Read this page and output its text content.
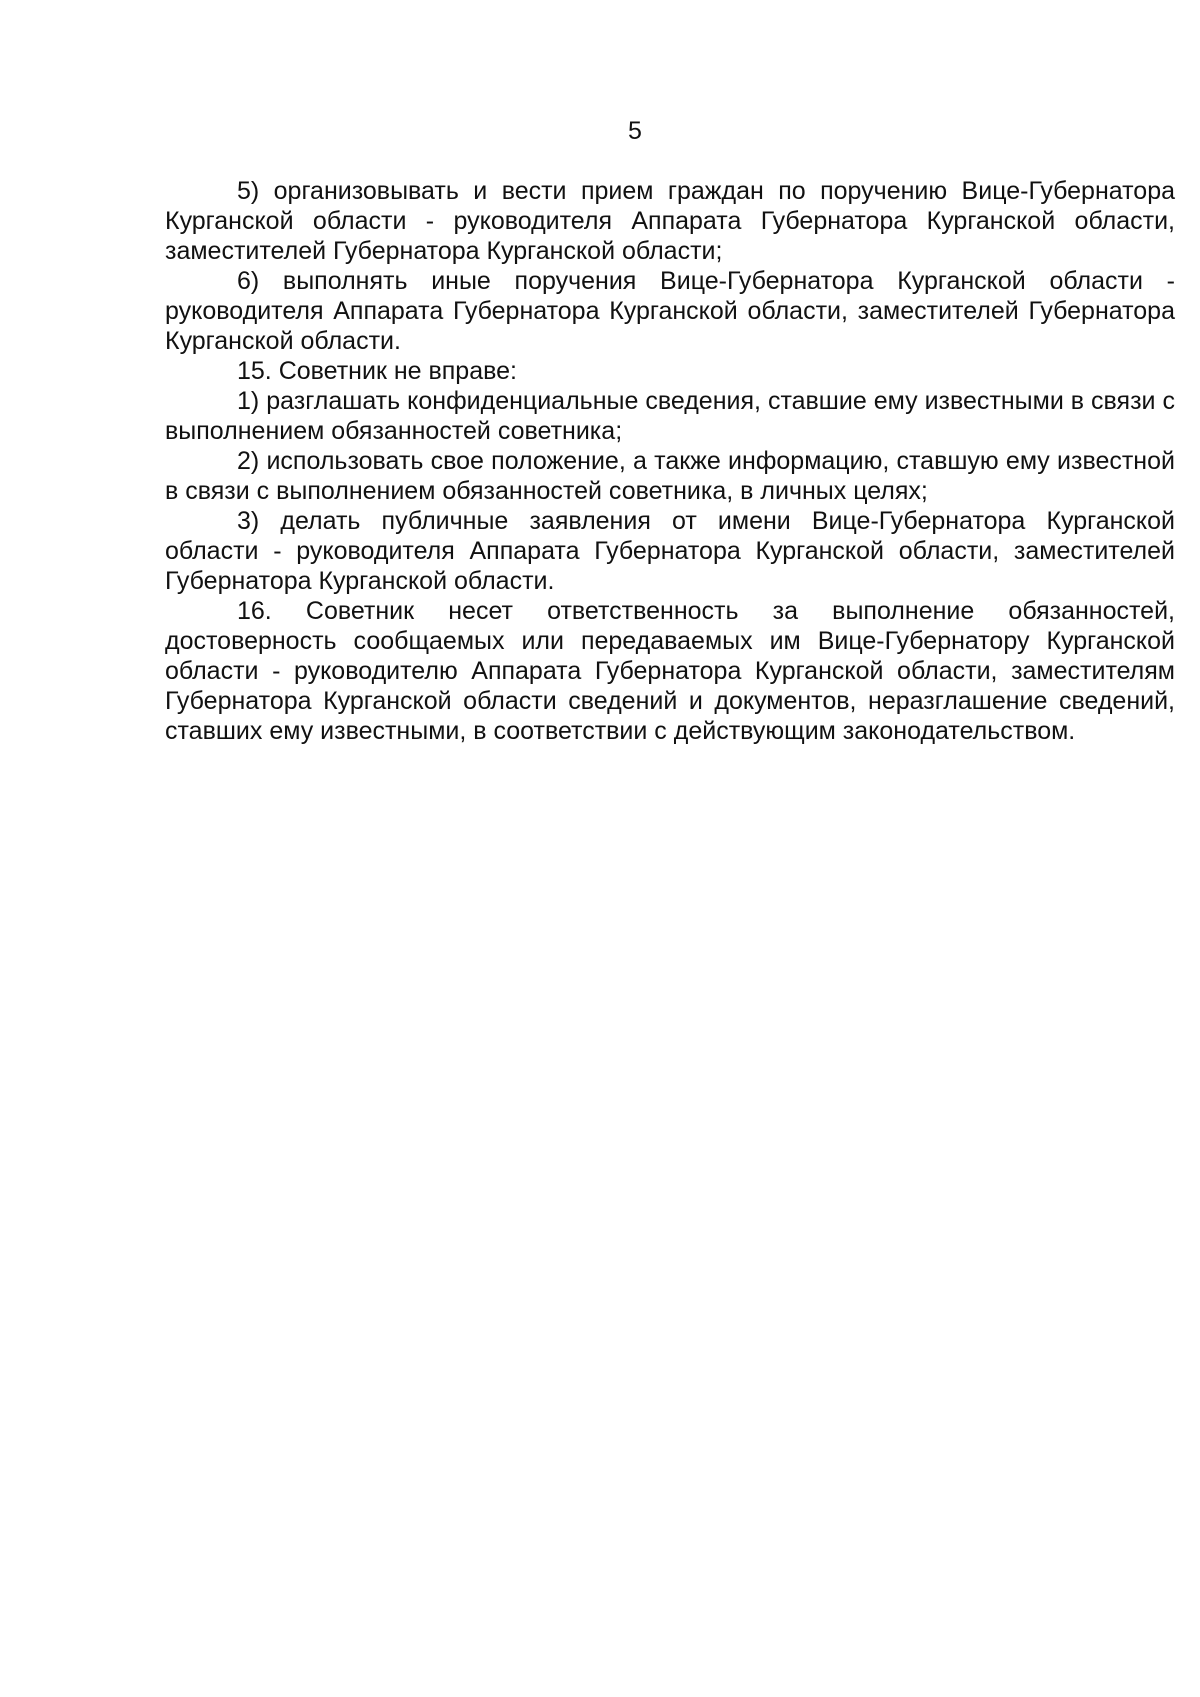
5

5) организовывать и вести прием граждан по поручению Вице-Губернатора Курганской области - руководителя Аппарата Губернатора Курганской области, заместителей Губернатора Курганской области;

6) выполнять иные поручения Вице-Губернатора Курганской области - руководителя Аппарата Губернатора Курганской области, заместителей Губернатора Курганской области.

15. Советник не вправе:

1) разглашать конфиденциальные сведения, ставшие ему известными в связи с выполнением обязанностей советника;

2) использовать свое положение, а также информацию, ставшую ему известной в связи с выполнением обязанностей советника, в личных целях;

3) делать публичные заявления от имени Вице-Губернатора Курганской области - руководителя Аппарата Губернатора Курганской области, заместителей Губернатора Курганской области.

16. Советник несет ответственность за выполнение обязанностей, достоверность сообщаемых или передаваемых им Вице-Губернатору Курганской области - руководителю Аппарата Губернатора Курганской области, заместителям Губернатора Курганской области сведений и документов, неразглашение сведений, ставших ему известными, в соответствии с действующим законодательством.
